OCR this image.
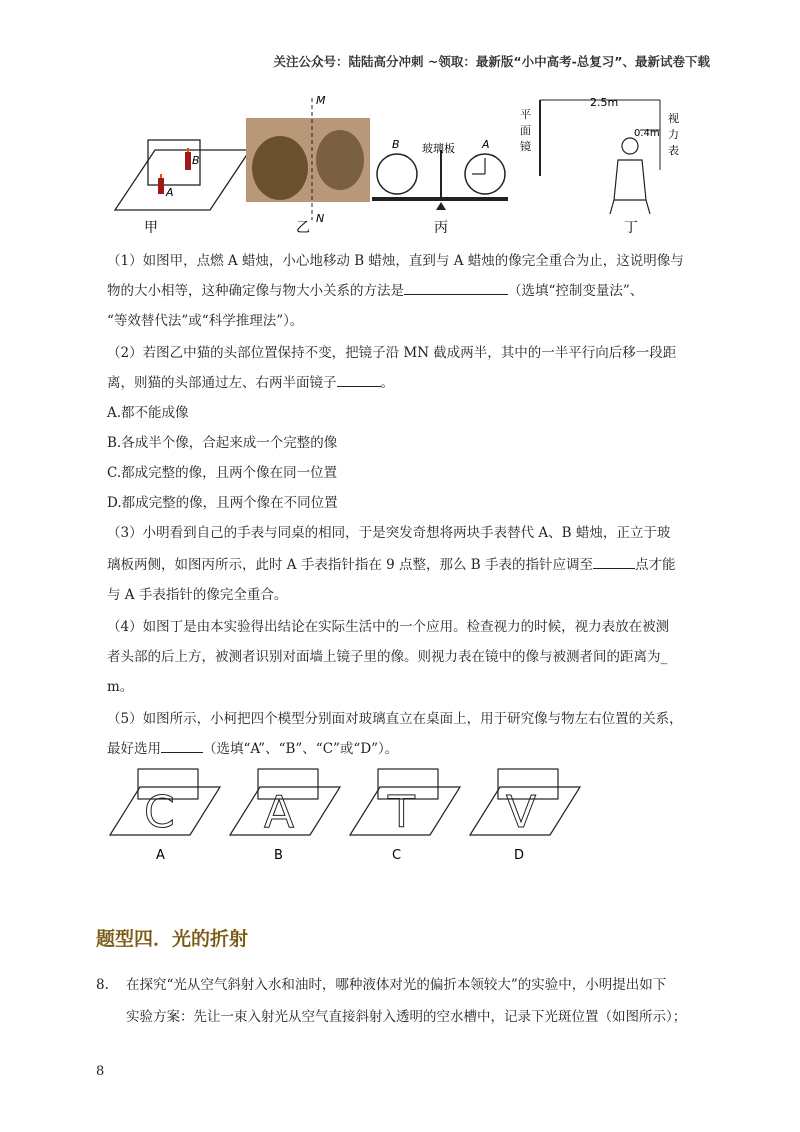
关注公众号：陆陆高分冲刺 ~领取：最新版“小中高考-总复习”、最新试卷下载
B
A
甲
M
N
乙
B	A
玻璃板
丙
2.5m
0.4m
平
面
镜
视
力
表
丁
（1）如图甲，点燃 A 蜡烛，小心地移动 B 蜡烛，直到与 A 蜡烛的像完全重合为止，这说明像与
物的大小相等，这种确定像与物大小关系的方法是	（选填“控制变量法”、
“等效替代法”或“科学推理法”）。
（2）若图乙中猫的头部位置保持不变，把镜子沿 MN 截成两半，其中的一半平行向后移一段距
离，则猫的头部通过左、右两半面镜子	。
A.都不能成像
B.各成半个像，合起来成一个完整的像
C.都成完整的像，且两个像在同一位置
D.都成完整的像，且两个像在不同位置
（3）小明看到自己的手表与同桌的相同，于是突发奇想将两块手表替代 A、B 蜡烛，正立于玻
璃板两侧，如图丙所示，此时 A 手表指针指在 9 点整，那么 B 手表的指针应调至	点才能
与 A 手表指针的像完全重合。
（4）如图丁是由本实验得出结论在实际生活中的一个应用。检查视力的时候，视力表放在被测
者头部的后上方，被测者识别对面墙上镜子里的像。则视力表在镜中的像与被测者间的距离为_
m。
（5）如图所示，小柯把四个模型分别面对玻璃直立在桌面上，用于研究像与物左右位置的关系，
最好选用	（选填“A”、“B”、“C”或“D”）。
C
A
A
B
T
C
V
D
题型四．光的折射
8. 在探究“光从空气斜射入水和油时，哪种液体对光的偏折本领较大”的实验中，小明提出如下
实验方案：先让一束入射光从空气直接斜射入透明的空水槽中，记录下光斑位置（如图所示）；
8
